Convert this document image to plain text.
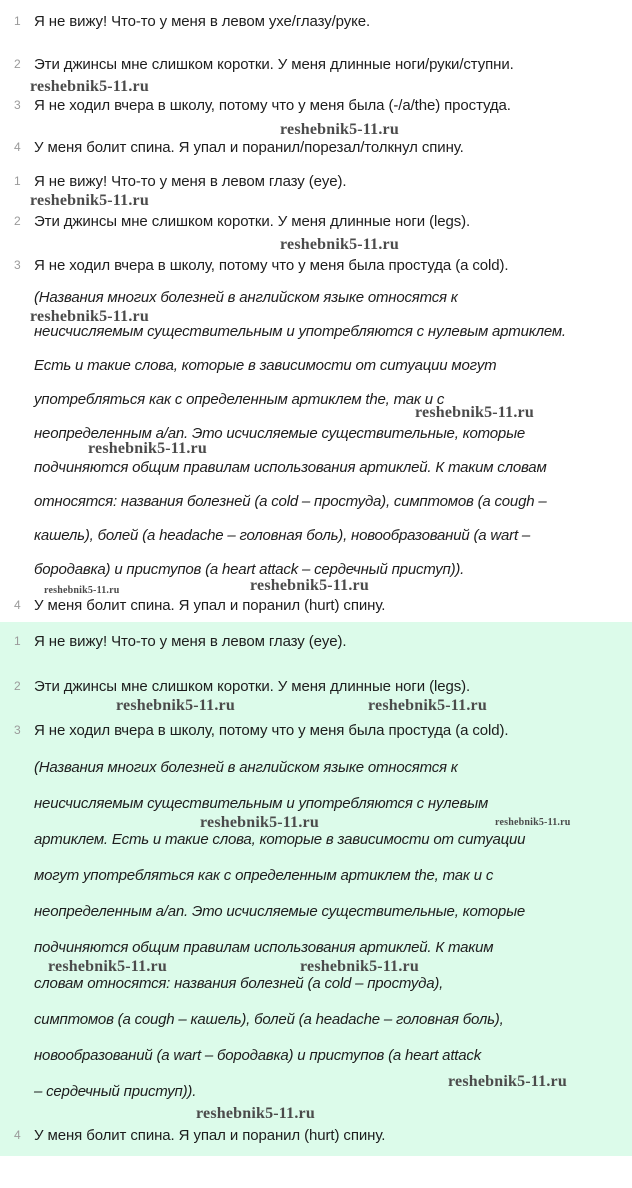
1 Я не вижу! Что-то у меня в левом ухе/глазу/руке.
2 Эти джинсы мне слишком коротки. У меня длинные ноги/руки/ступни.
3 Я не ходил вчера в школу, потому что у меня была (-/a/the) простуда.
4 У меня болит спина. Я упал и поранил/порезал/толкнул спину.
1 Я не вижу! Что-то у меня в левом глазу (eye).
2 Эти джинсы мне слишком коротки. У меня длинные ноги (legs).
3 Я не ходил вчера в школу, потому что у меня была простуда (a cold).
(Названия многих болезней в английском языке относятся к
неисчисляемым существительным и употребляются с нулевым артиклем.
Есть и такие слова, которые в зависимости от ситуации могут
употребляться как с определенным артиклем the, так и с
неопределенным a/an. Это исчисляемые существительные, которые
подчиняются общим правилам использования артиклей. К таким словам
относятся: названия болезней (a cold – простуда), симптомов (a cough –
кашель), болей (a headache – головная боль), новообразований (a wart –
бородавка) и приступов (a heart attack – сердечный приступ)).
4 У меня болит спина. Я упал и поранил (hurt) спину.
1 Я не вижу! Что-то у меня в левом глазу (eye).
2 Эти джинсы мне слишком коротки. У меня длинные ноги (legs).
3 Я не ходил вчера в школу, потому что у меня была простуда (a cold).
(Названия многих болезней в английском языке относятся к
неисчисляемым существительным и употребляются с нулевым
артиклем. Есть и такие слова, которые в зависимости от ситуации
могут употребляться как с определенным артиклем the, так и с
неопределенным a/an. Это исчисляемые существительные, которые
подчиняются общим правилам использования артиклей. К таким
словам относятся: названия болезней (a cold – простуда),
симптомов (a cough – кашель), болей (a headache – головная боль),
новообразований (a wart – бородавка) и приступов (a heart attack
– сердечный приступ)).
4 У меня болит спина. Я упал и поранил (hurt) спину.
reshebnik5-11.ru
reshebnik5-11.ru
reshebnik5-11.ru
reshebnik5-11.ru
reshebnik5-11.ru
reshebnik5-11.ru
reshebnik5-11.ru
reshebnik5-11.ru
reshebnik5-11.ru
reshebnik5-11.ru	reshebnik5-11.ru
reshebnik5-11.ru	reshebnik5-11.ru
reshebnik5-11.ru	reshebnik5-11.ru
reshebnik5-11.ru
reshebnik5-11.ru
